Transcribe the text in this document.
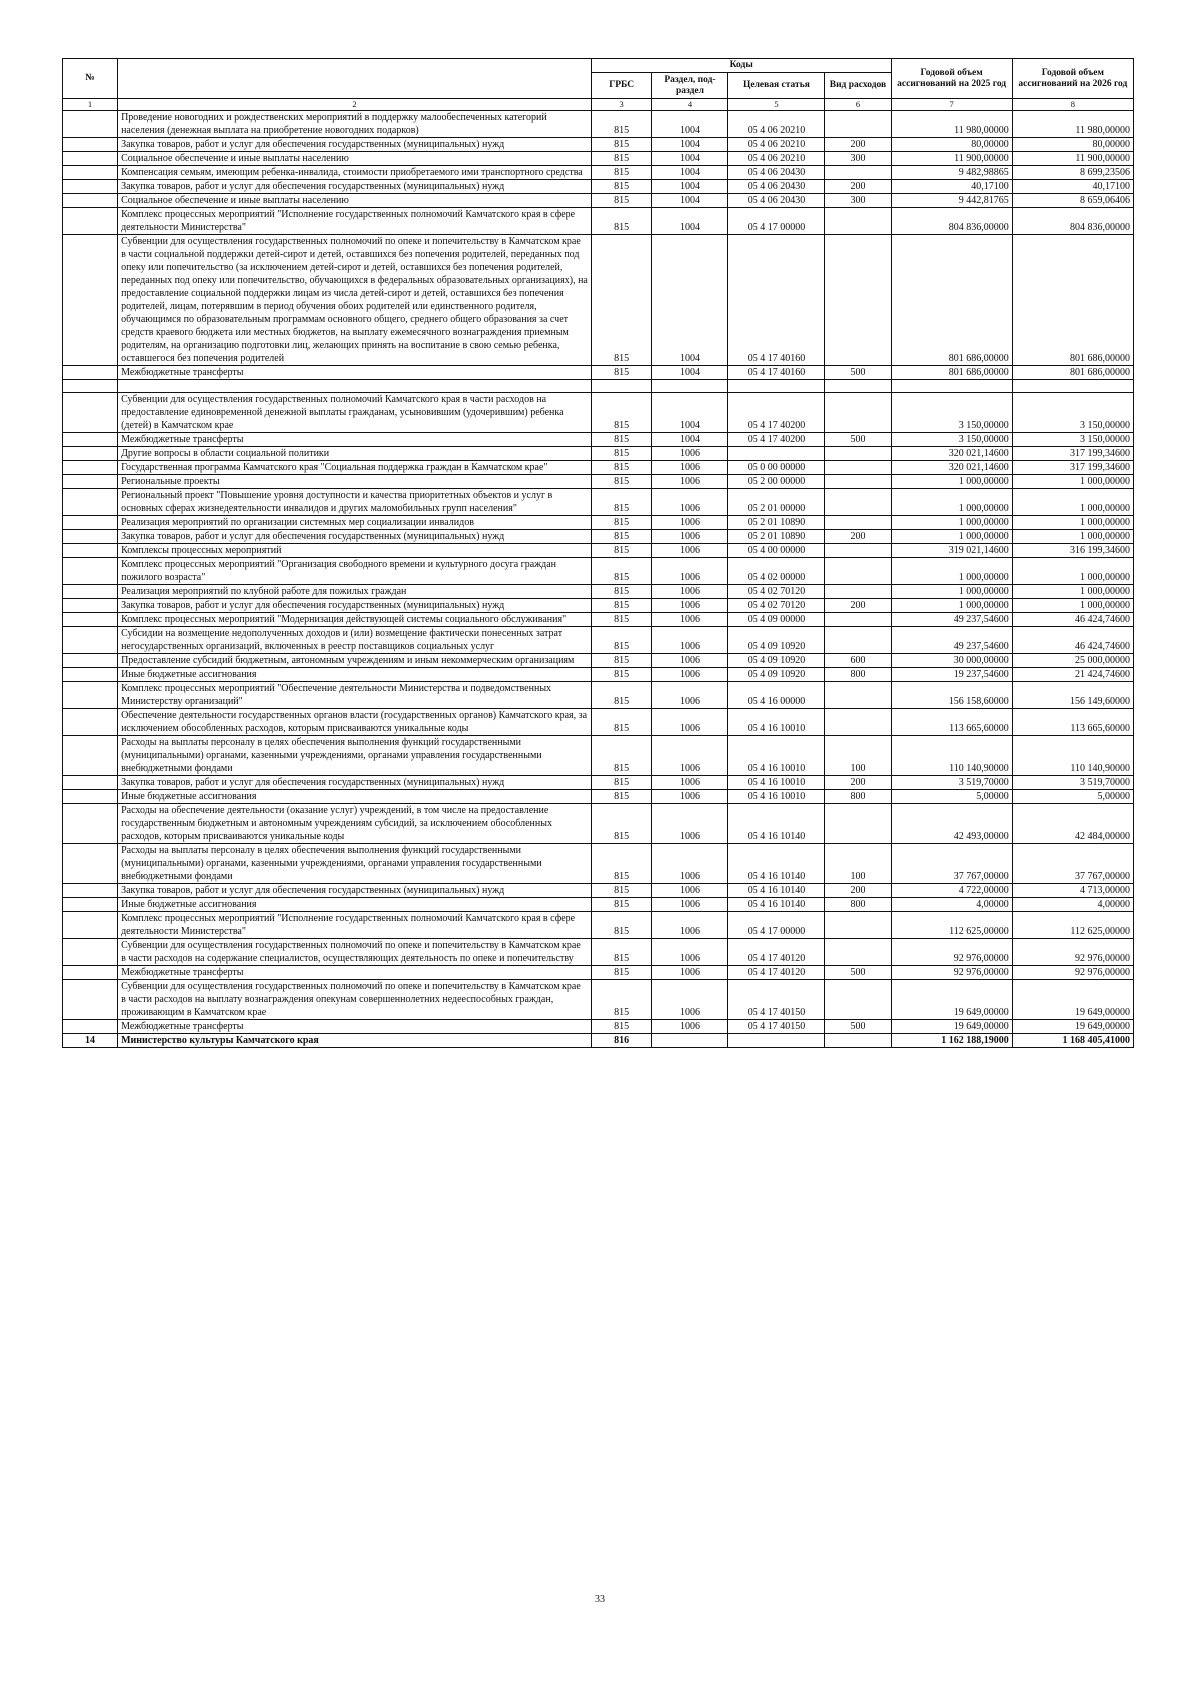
№		Коды				Годовой объем ассигнований на 2025 год	Годовой объем ассигнований на 2026 год
		ГРБС	Раздел, под-раздел	Целевая статья	Вид расходов		
1	2	3	4	5	6	7	8
	Проведение новогодних и рождественских мероприятий в поддержку малообеспеченных категорий населения (денежная выплата на приобретение новогодних подарков)	815	1004	05 4 06 20210		11 980,00000	11 980,00000
	Закупка товаров, работ и услуг для обеспечения государственных (муниципальных) нужд	815	1004	05 4 06 20210	200	80,00000	80,00000
	Социальное обеспечение и иные выплаты населению	815	1004	05 4 06 20210	300	11 900,00000	11 900,00000
	Компенсация семьям, имеющим ребенка-инвалида, стоимости приобретаемого ими транспортного средства	815	1004	05 4 06 20430		9 482,98865	8 699,23506
	Закупка товаров, работ и услуг для обеспечения государственных (муниципальных) нужд	815	1004	05 4 06 20430	200	40,17100	40,17100
	Социальное обеспечение и иные выплаты населению	815	1004	05 4 06 20430	300	9 442,81765	8 659,06406
	Комплекс процессных мероприятий "Исполнение государственных полномочий Камчатского края в сфере деятельности Министерства"	815	1004	05 4 17 00000		804 836,00000	804 836,00000
	Субвенции для осуществления государственных полномочий по опеке и попечительству в Камчатском крае в части социальной поддержки детей-сирот и детей, оставшихся без попечения родителей, переданных под опеку или попечительство (за исключением детей-сирот и детей, оставшихся без попечения родителей, переданных под опеку или попечительство, обучающихся в федеральных образовательных организациях), на предоставление социальной поддержки лицам из числа детей-сирот и детей, оставшихся без попечения родителей, лицам, потерявшим в период обучения обоих родителей или единственного родителя, обучающимся по образовательным программам основного общего, среднего общего образования за счет средств краевого бюджета или местных бюджетов, на выплату ежемесячного вознаграждения приемным родителям, на организацию подготовки лиц, желающих принять на воспитание в свою семью ребенка, оставшегося без попечения родителей	815	1004	05 4 17 40160		801 686,00000	801 686,00000
	Межбюджетные трансферты	815	1004	05 4 17 40160	500	801 686,00000	801 686,00000

	Субвенции для осуществления государственных полномочий Камчатского края в части расходов на предоставление единовременной денежной выплаты гражданам, усыновившим (удочерившим) ребенка (детей) в Камчатском крае	815	1004	05 4 17 40200		3 150,00000	3 150,00000
	Межбюджетные трансферты	815	1004	05 4 17 40200	500	3 150,00000	3 150,00000
	Другие вопросы в области социальной политики	815	1006			320 021,14600	317 199,34600
	Государственная программа Камчатского края "Социальная поддержка граждан в Камчатском крае"	815	1006	05 0 00 00000		320 021,14600	317 199,34600
	Региональные проекты	815	1006	05 2 00 00000		1 000,00000	1 000,00000
	Региональный проект "Повышение уровня доступности и качества приоритетных объектов и услуг в основных сферах жизнедеятельности инвалидов и других маломобильных групп населения"	815	1006	05 2 01 00000		1 000,00000	1 000,00000
	Реализация мероприятий по организации системных мер социализации инвалидов	815	1006	05 2 01 10890		1 000,00000	1 000,00000
	Закупка товаров, работ и услуг для обеспечения государственных (муниципальных) нужд	815	1006	05 2 01 10890	200	1 000,00000	1 000,00000
	Комплексы процессных мероприятий	815	1006	05 4 00 00000		319 021,14600	316 199,34600
	Комплекс процессных мероприятий "Организация свободного времени и культурного досуга граждан пожилого возраста"	815	1006	05 4 02 00000		1 000,00000	1 000,00000
	Реализация мероприятий по клубной работе для пожилых граждан	815	1006	05 4 02 70120		1 000,00000	1 000,00000
	Закупка товаров, работ и услуг для обеспечения государственных (муниципальных) нужд	815	1006	05 4 02 70120	200	1 000,00000	1 000,00000
	Комплекс процессных мероприятий "Модернизация действующей системы социального обслуживания"	815	1006	05 4 09 00000		49 237,54600	46 424,74600
	Субсидии на возмещение недополученных доходов и (или) возмещение фактически понесенных затрат негосударственных организаций, включенных в реестр поставщиков социальных услуг	815	1006	05 4 09 10920		49 237,54600	46 424,74600
	Предоставление субсидий бюджетным, автономным учреждениям и иным некоммерческим организациям	815	1006	05 4 09 10920	600	30 000,00000	25 000,00000
	Иные бюджетные ассигнования	815	1006	05 4 09 10920	800	19 237,54600	21 424,74600
	Комплекс процессных мероприятий "Обеспечение деятельности Министерства и подведомственных Министерству организаций"	815	1006	05 4 16 00000		156 158,60000	156 149,60000
	Обеспечение деятельности государственных органов власти (государственных органов) Камчатского края, за исключением обособленных расходов, которым присваиваются уникальные коды	815	1006	05 4 16 10010		113 665,60000	113 665,60000
	Расходы на выплаты персоналу в целях обеспечения выполнения функций государственными (муниципальными) органами, казенными учреждениями, органами управления государственными внебюджетными фондами	815	1006	05 4 16 10010	100	110 140,90000	110 140,90000
	Закупка товаров, работ и услуг для обеспечения государственных (муниципальных) нужд	815	1006	05 4 16 10010	200	3 519,70000	3 519,70000
	Иные бюджетные ассигнования	815	1006	05 4 16 10010	800	5,00000	5,00000
	Расходы на обеспечение деятельности (оказание услуг) учреждений, в том числе на предоставление государственным бюджетным и автономным учреждениям субсидий, за исключением обособленных расходов, которым присваиваются уникальные коды	815	1006	05 4 16 10140		42 493,00000	42 484,00000
	Расходы на выплаты персоналу в целях обеспечения выполнения функций государственными (муниципальными) органами, казенными учреждениями, органами управления государственными внебюджетными фондами	815	1006	05 4 16 10140	100	37 767,00000	37 767,00000
	Закупка товаров, работ и услуг для обеспечения государственных (муниципальных) нужд	815	1006	05 4 16 10140	200	4 722,00000	4 713,00000
	Иные бюджетные ассигнования	815	1006	05 4 16 10140	800	4,00000	4,00000
	Комплекс процессных мероприятий "Исполнение государственных полномочий Камчатского края в сфере деятельности Министерства"	815	1006	05 4 17 00000		112 625,00000	112 625,00000
	Субвенции для осуществления государственных полномочий по опеке и попечительству в Камчатском крае в части расходов на содержание специалистов, осуществляющих деятельность по опеке и попечительству	815	1006	05 4 17 40120		92 976,00000	92 976,00000
	Межбюджетные трансферты	815	1006	05 4 17 40120	500	92 976,00000	92 976,00000
	Субвенции для осуществления государственных полномочий по опеке и попечительству в Камчатском крае в части расходов на выплату вознаграждения опекунам совершеннолетних недееспособных граждан, проживающим в Камчатском крае	815	1006	05 4 17 40150		19 649,00000	19 649,00000
	Межбюджетные трансферты	815	1006	05 4 17 40150	500	19 649,00000	19 649,00000
14	Министерство культуры Камчатского края	816				1 162 188,19000	1 168 405,41000
33
